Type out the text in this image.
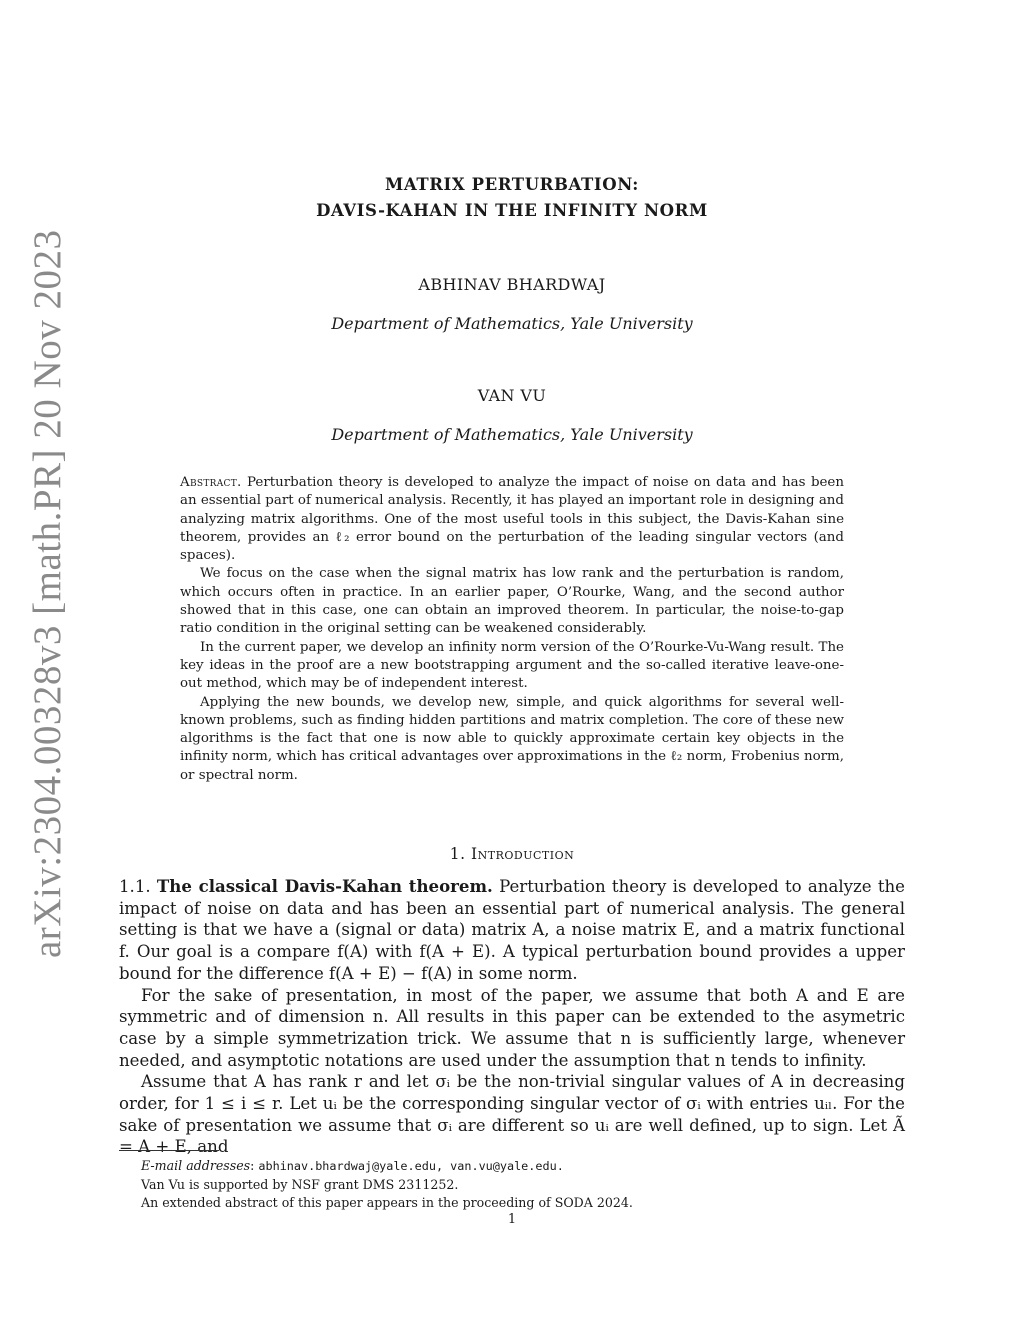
arXiv:2304.00328v3 [math.PR] 20 Nov 2023
MATRIX PERTURBATION:
DAVIS-KAHAN IN THE INFINITY NORM
ABHINAV BHARDWAJ
Department of Mathematics, Yale University
VAN VU
Department of Mathematics, Yale University

Abstract. Perturbation theory is developed to analyze the impact of noise on data and has been an essential part of numerical analysis. Recently, it has played an important role in designing and analyzing matrix algorithms. One of the most useful tools in this subject, the Davis-Kahan sine theorem, provides an ℓ₂ error bound on the perturbation of the leading singular vectors (and spaces).

We focus on the case when the signal matrix has low rank and the perturbation is random, which occurs often in practice. In an earlier paper, O’Rourke, Wang, and the second author showed that in this case, one can obtain an improved theorem. In particular, the noise-to-gap ratio condition in the original setting can be weakened considerably.

In the current paper, we develop an infinity norm version of the O’Rourke-Vu-Wang result. The key ideas in the proof are a new bootstrapping argument and the so-called iterative leave-one-out method, which may be of independent interest.

Applying the new bounds, we develop new, simple, and quick algorithms for several well-known problems, such as finding hidden partitions and matrix completion. The core of these new algorithms is the fact that one is now able to quickly approximate certain key objects in the infinity norm, which has critical advantages over approximations in the ℓ₂ norm, Frobenius norm, or spectral norm.

1. Introduction

1.1. The classical Davis-Kahan theorem. Perturbation theory is developed to analyze the impact of noise on data and has been an essential part of numerical analysis. The general setting is that we have a (signal or data) matrix A, a noise matrix E, and a matrix functional f. Our goal is a compare f(A) with f(A + E). A typical perturbation bound provides a upper bound for the difference f(A + E) − f(A) in some norm.

For the sake of presentation, in most of the paper, we assume that both A and E are symmetric and of dimension n. All results in this paper can be extended to the asymetric case by a simple symmetrization trick. We assume that n is sufficiently large, whenever needed, and asymptotic notations are used under the assumption that n tends to infinity.

Assume that A has rank r and let σᵢ be the non-trivial singular values of A in decreasing order, for 1 ≤ i ≤ r. Let uᵢ be the corresponding singular vector of σᵢ with entries uᵢₗ. For the sake of presentation we assume that σᵢ are different so uᵢ are well defined, up to sign. Let Ã = A + E, and

E-mail addresses: abhinav.bhardwaj@yale.edu, van.vu@yale.edu.
Van Vu is supported by NSF grant DMS 2311252.
An extended abstract of this paper appears in the proceeding of SODA 2024.
1
